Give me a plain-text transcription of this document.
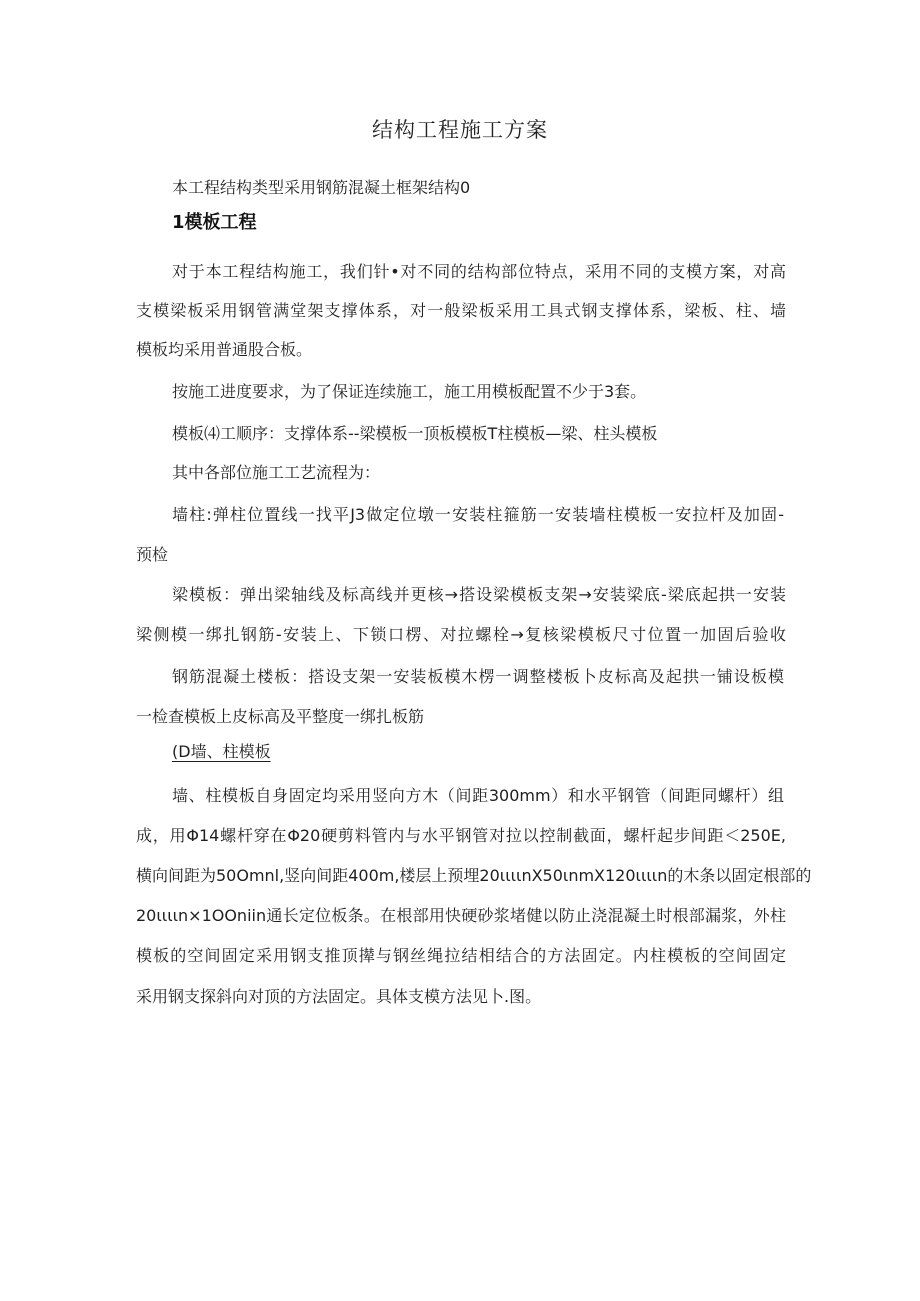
结构工程施工方案
本工程结构类型采用钢筋混凝土框架结构0
1模板工程
对于本工程结构施工，我们针•对不同的结构部位特点，采用不同的支模方案，对高
支模梁板采用钢管满堂架支撑体系，对一般梁板采用工具式钢支撑体系，梁板、柱、墙
模板均采用普通股合板。
按施工进度要求，为了保证连续施工，施工用模板配置不少于3套。
模板⑷工顺序：支撑体系--梁模板一顶板模板T柱模板—梁、柱头模板
其中各部位施工工艺流程为：
墙柱:弹柱位置线一找平J3做定位墩一安装柱箍筋一安装墙柱模板一安拉杆及加固-
预检
梁模板：弹出梁轴线及标高线并更核→搭设梁模板支架→安装梁底-梁底起拱一安装
梁侧模一绑扎钢筋-安装上、下锁口楞、对拉螺栓→复核梁模板尺寸位置一加固后验收
钢筋混凝土楼板：搭设支架一安装板模木楞一调整楼板卜皮标高及起拱一铺设板模
一检查模板上皮标高及平整度一绑扎板筋
(D墙、柱模板
墙、柱模板自身固定均采用竖向方木（间距300mm）和水平钢管（间距同螺杆）组
成，用Φ14螺杆穿在Φ20硬剪料管内与水平钢管对拉以控制截面，螺杆起步间距＜250E,
横向间距为50Omnl,竖向间距400m,楼层上预埋20ιιιιnX50ιnmX120ιιιιn的木条以固定根部的
20ιιιιn×1OOniin通长定位板条。在根部用快硬砂浆堵健以防止浇混凝土时根部漏浆，外柱
模板的空间固定采用钢支推顶撵与钢丝绳拉结相结合的方法固定。内柱模板的空间固定
采用钢支探斜向对顶的方法固定。具体支模方法见卜.图。
